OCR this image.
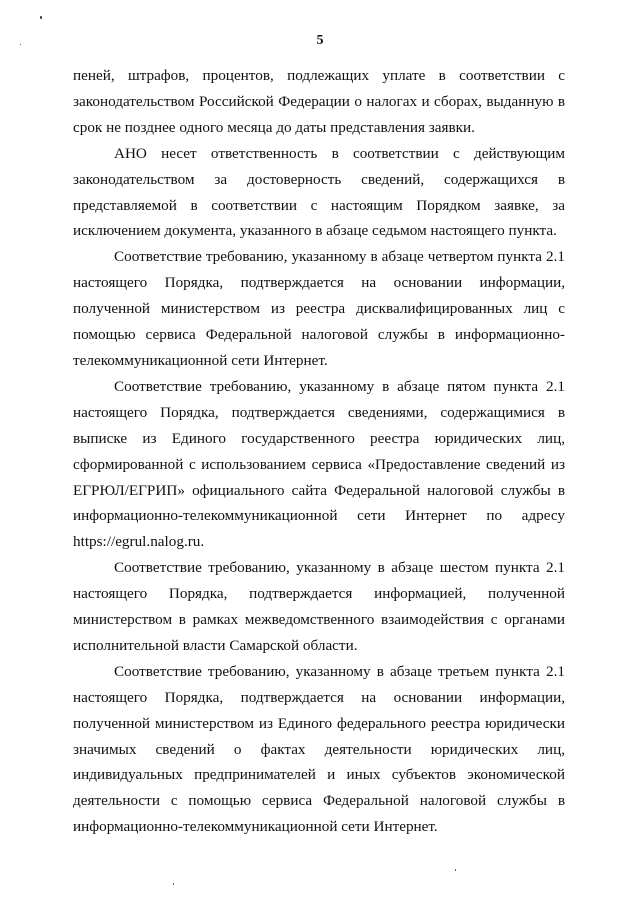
5

пеней, штрафов, процентов, подлежащих уплате в соответствии с законодательством Российской Федерации о налогах и сборах, выданную в срок не позднее одного месяца до даты представления заявки.

АНО несет ответственность в соответствии с действующим законодательством за достоверность сведений, содержащихся в представляемой в соответствии с настоящим Порядком заявке, за исключением документа, указанного в абзаце седьмом настоящего пункта.

Соответствие требованию, указанному в абзаце четвертом пункта 2.1 настоящего Порядка, подтверждается на основании информации, полученной министерством из реестра дисквалифицированных лиц с помощью сервиса Федеральной налоговой службы в информационно-телекоммуникационной сети Интернет.

Соответствие требованию, указанному в абзаце пятом пункта 2.1 настоящего Порядка, подтверждается сведениями, содержащимися в выписке из Единого государственного реестра юридических лиц, сформированной с использованием сервиса «Предоставление сведений из ЕГРЮЛ/ЕГРИП» официального сайта Федеральной налоговой службы в информационно-телекоммуникационной сети Интернет по адресу https://egrul.nalog.ru.

Соответствие требованию, указанному в абзаце шестом пункта 2.1 настоящего Порядка, подтверждается информацией, полученной министерством в рамках межведомственного взаимодействия с органами исполнительной власти Самарской области.

Соответствие требованию, указанному в абзаце третьем пункта 2.1 настоящего Порядка, подтверждается на основании информации, полученной министерством из Единого федерального реестра юридически значимых сведений о фактах деятельности юридических лиц, индивидуальных предпринимателей и иных субъектов экономической деятельности с помощью сервиса Федеральной налоговой службы в информационно-телекоммуникационной сети Интернет.
